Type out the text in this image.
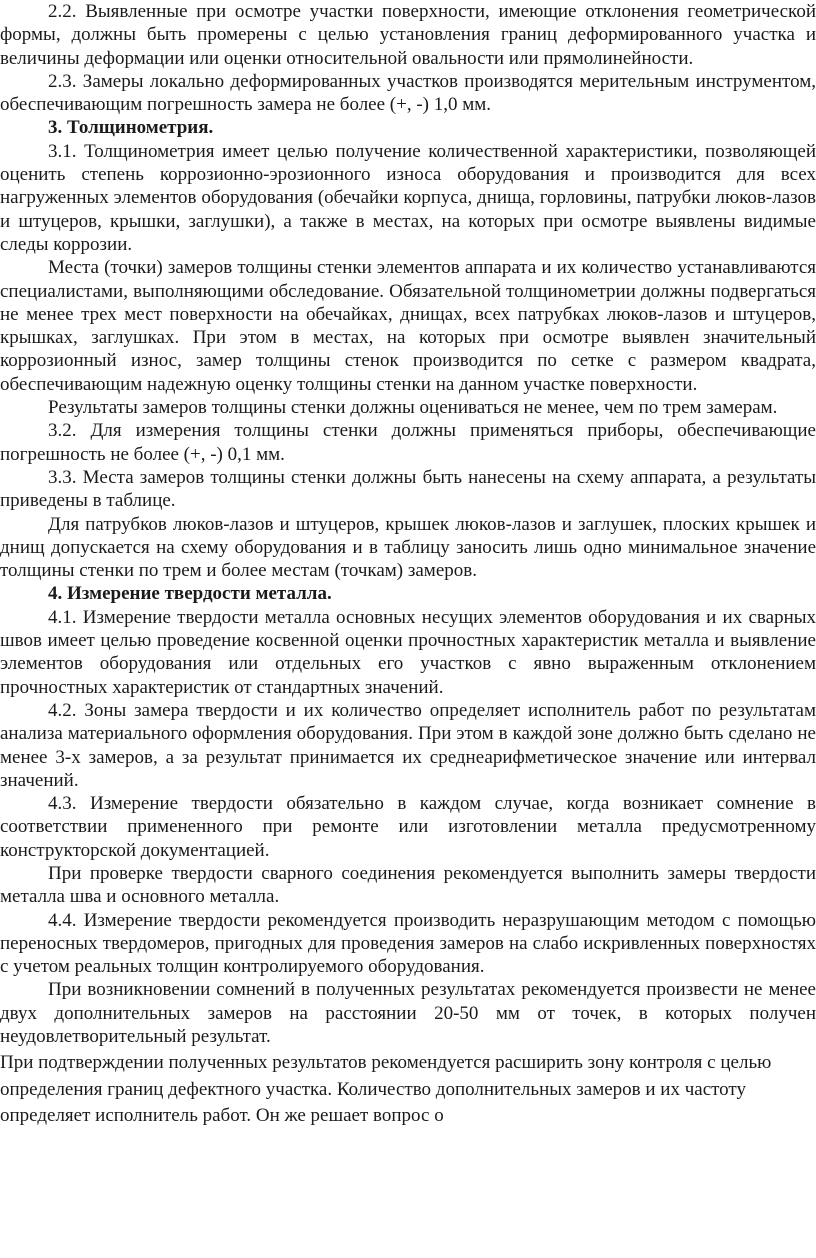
2.2. Выявленные при осмотре участки поверхности, имеющие отклонения геометрической формы, должны быть промерены с целью установления границ деформированного участка и величины деформации или оценки относительной овальности или прямолинейности.

2.3. Замеры локально деформированных участков производятся мерительным инструментом, обеспечивающим погрешность замера не более (+, -) 1,0 мм.

3. Толщинометрия.

3.1. Толщинометрия имеет целью получение количественной характеристики, позволяющей оценить степень коррозионно-эрозионного износа оборудования и производится для всех нагруженных элементов оборудования (обечайки корпуса, днища, горловины, патрубки люков-лазов и штуцеров, крышки, заглушки), а также в местах, на которых при осмотре выявлены видимые следы коррозии.

Места (точки) замеров толщины стенки элементов аппарата и их количество устанавливаются специалистами, выполняющими обследование. Обязательной толщинометрии должны подвергаться не менее трех мест поверхности на обечайках, днищах, всех патрубках люков-лазов и штуцеров, крышках, заглушках. При этом в местах, на которых при осмотре выявлен значительный коррозионный износ, замер толщины стенок производится по сетке с размером квадрата, обеспечивающим надежную оценку толщины стенки на данном участке поверхности.

Результаты замеров толщины стенки должны оцениваться не менее, чем по трем замерам.

3.2. Для измерения толщины стенки должны применяться приборы, обеспечивающие погрешность не более (+, -) 0,1 мм.

3.3. Места замеров толщины стенки должны быть нанесены на схему аппарата, а результаты приведены в таблице.

Для патрубков люков-лазов и штуцеров, крышек люков-лазов и заглушек, плоских крышек и днищ допускается на схему оборудования и в таблицу заносить лишь одно минимальное значение толщины стенки по трем и более местам (точкам) замеров.

4. Измерение твердости металла.

4.1. Измерение твердости металла основных несущих элементов оборудования и их сварных швов имеет целью проведение косвенной оценки прочностных характеристик металла и выявление элементов оборудования или отдельных его участков с явно выраженным отклонением прочностных характеристик от стандартных значений.

4.2. Зоны замера твердости и их количество определяет исполнитель работ по результатам анализа материального оформления оборудования. При этом в каждой зоне должно быть сделано не менее 3-х замеров, а за результат принимается их среднеарифметическое значение или интервал значений.

4.3. Измерение твердости обязательно в каждом случае, когда возникает сомнение в соответствии примененного при ремонте или изготовлении металла предусмотренному конструкторской документацией.

При проверке твердости сварного соединения рекомендуется выполнить замеры твердости металла шва и основного металла.

4.4. Измерение твердости рекомендуется производить неразрушающим методом с помощью переносных твердомеров, пригодных для проведения замеров на слабо искривленных поверхностях с учетом реальных толщин контролируемого оборудования.

При возникновении сомнений в полученных результатах рекомендуется произвести не менее двух дополнительных замеров на расстоянии 20-50 мм от точек, в которых получен неудовлетворительный результат.

При подтверждении полученных результатов рекомендуется расширить зону контроля с целью определения границ дефектного участка. Количество дополнительных замеров и их частоту определяет исполнитель работ. Он же решает вопрос о
